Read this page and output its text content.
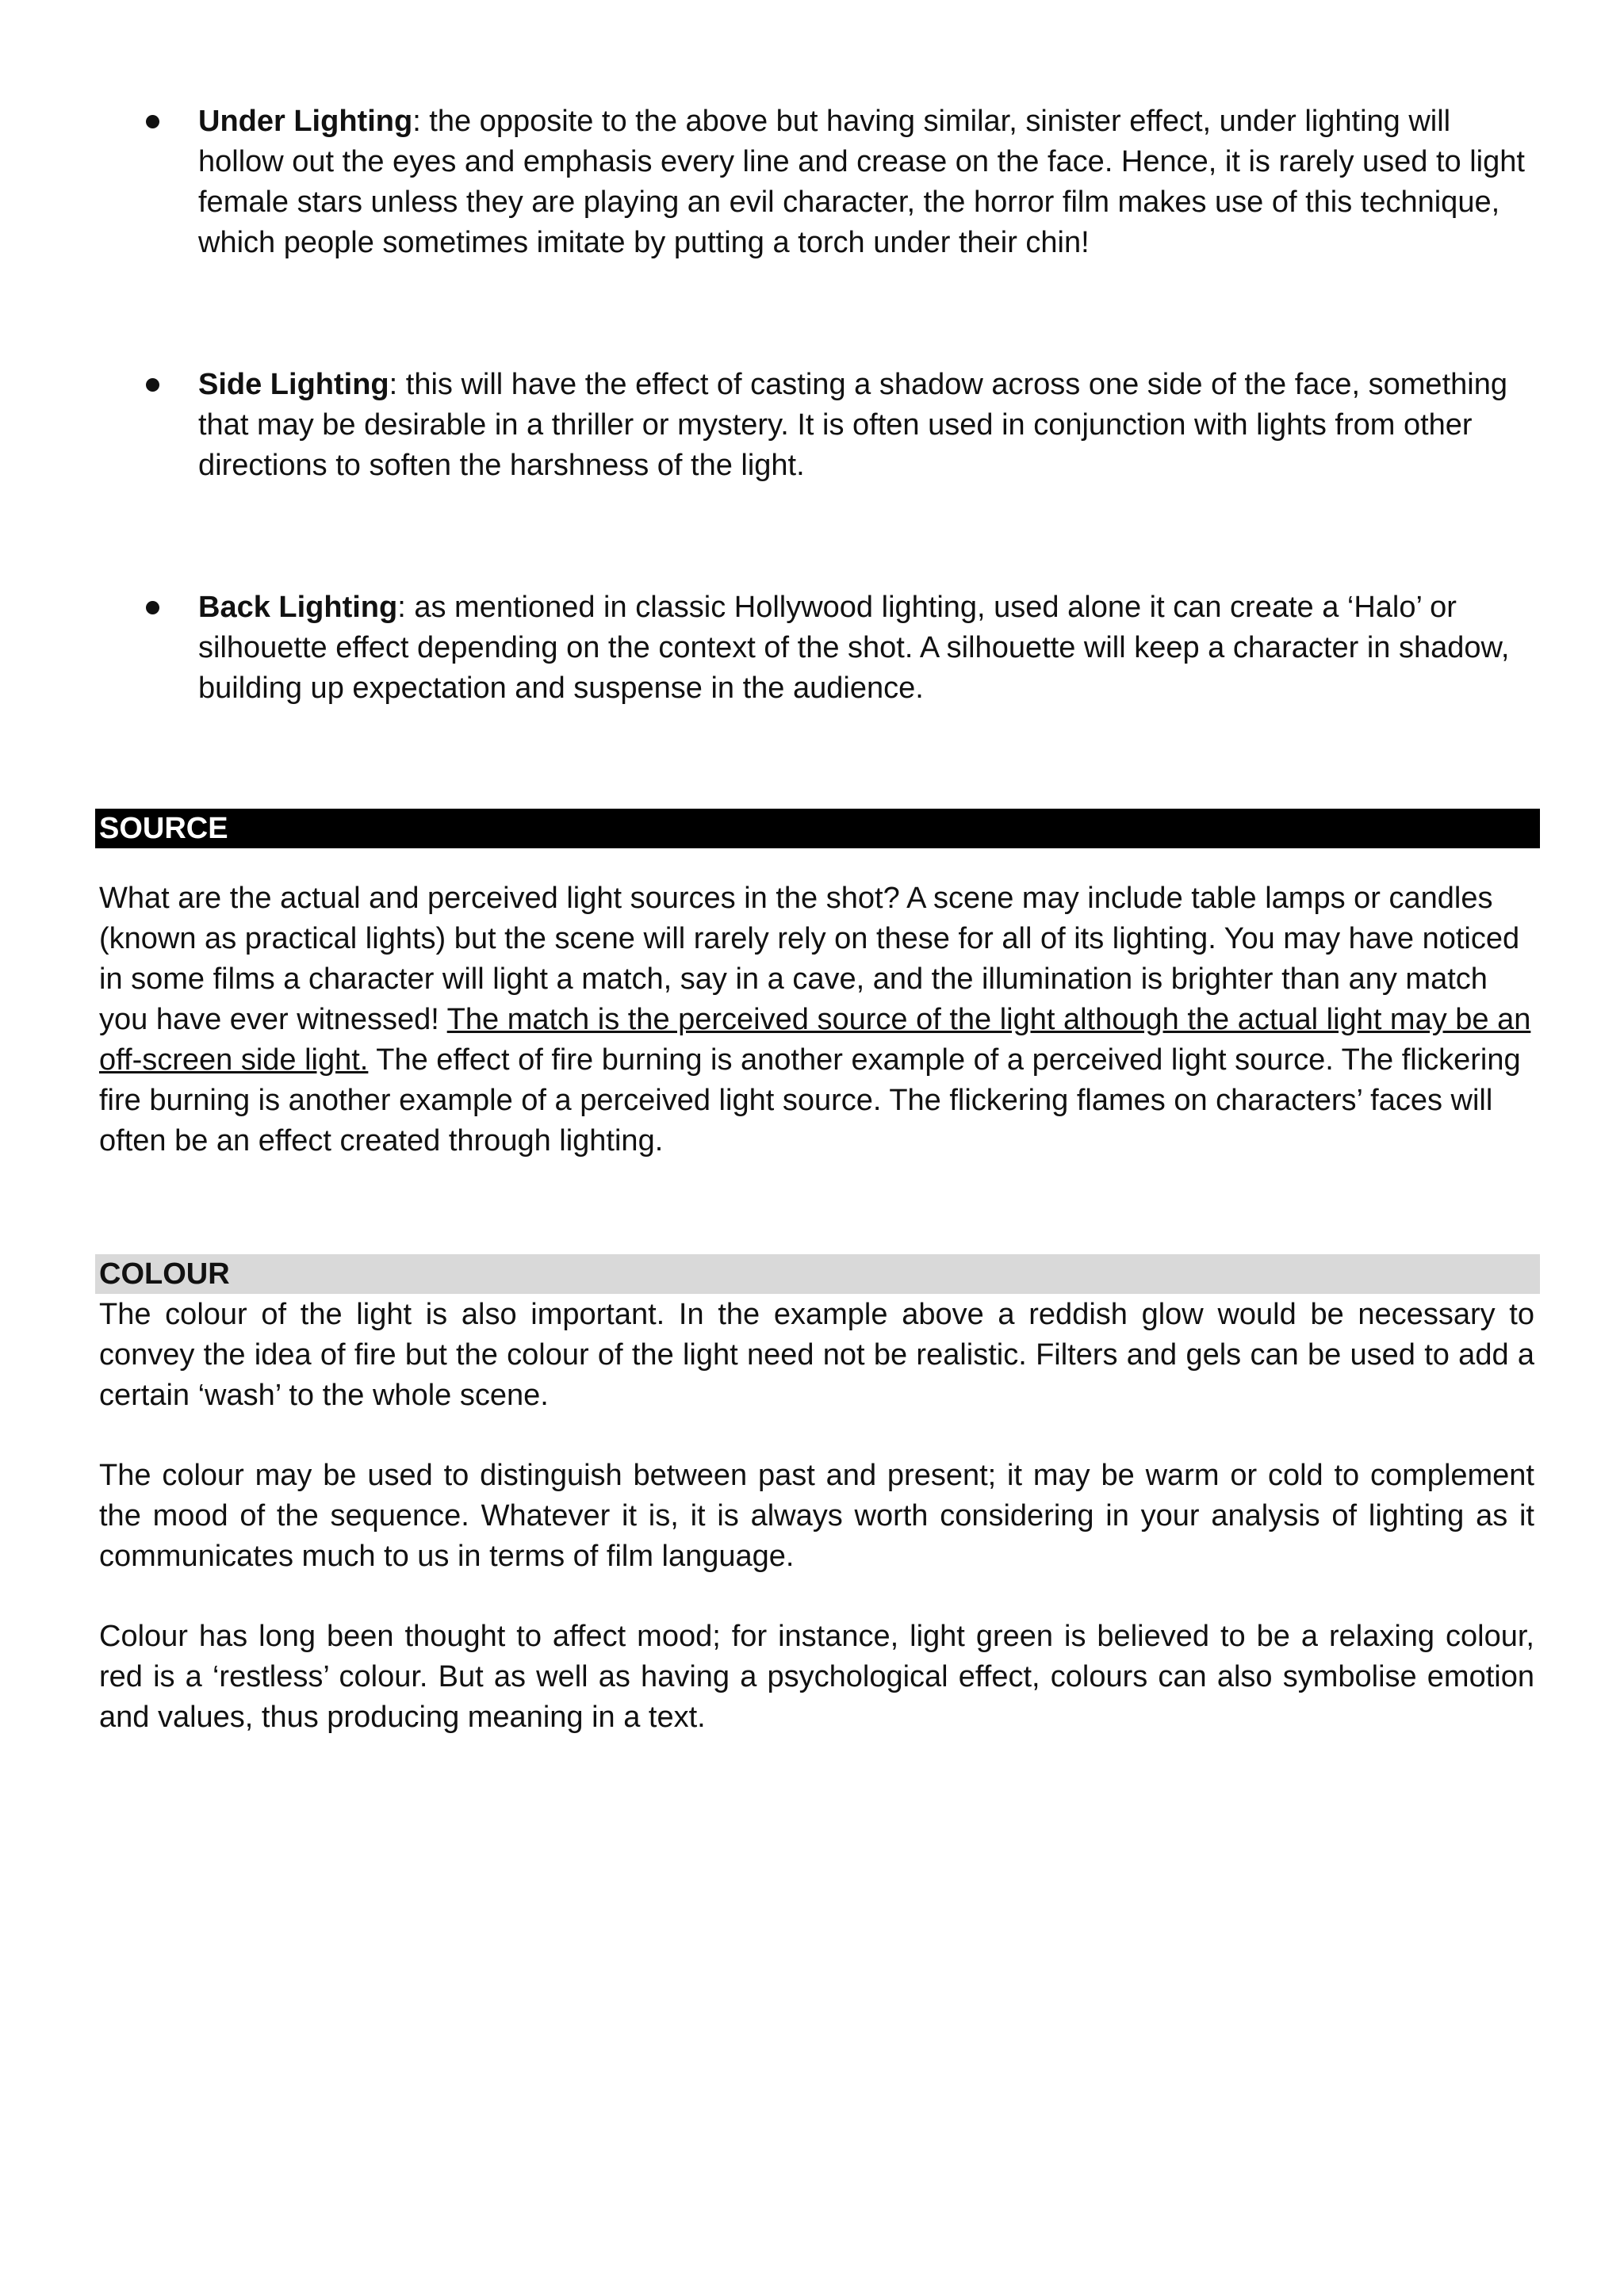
Under Lighting: the opposite to the above but having similar, sinister effect, under lighting will hollow out the eyes and emphasis every line and crease on the face. Hence, it is rarely used to light female stars unless they are playing an evil character, the horror film makes use of this technique, which people sometimes imitate by putting a torch under their chin!
Side Lighting: this will have the effect of casting a shadow across one side of the face, something that may be desirable in a thriller or mystery. It is often used in conjunction with lights from other directions to soften the harshness of the light.
Back Lighting: as mentioned in classic Hollywood lighting, used alone it can create a ‘Halo’ or silhouette effect depending on the context of the shot. A silhouette will keep a character in shadow, building up expectation and suspense in the audience.
SOURCE

What are the actual and perceived light sources in the shot? A scene may include table lamps or candles (known as practical lights) but the scene will rarely rely on these for all of its lighting. You may have noticed in some films a character will light a match, say in a cave, and the illumination is brighter than any match you have ever witnessed! The match is the perceived source of the light although the actual light may be an off-screen side light. The effect of fire burning is another example of a perceived light source. The flickering fire burning is another example of a perceived light source. The flickering flames on characters’ faces will often be an effect created through lighting.

COLOUR

The colour of the light is also important. In the example above a reddish glow would be necessary to convey the idea of fire but the colour of the light need not be realistic. Filters and gels can be used to add a certain ‘wash’ to the whole scene.

The colour may be used to distinguish between past and present; it may be warm or cold to complement the mood of the sequence. Whatever it is, it is always worth considering in your analysis of lighting as it communicates much to us in terms of film language.

Colour has long been thought to affect mood; for instance, light green is believed to be a relaxing colour, red is a ‘restless’ colour. But as well as having a psychological effect, colours can also symbolise emotion and values, thus producing meaning in a text.
